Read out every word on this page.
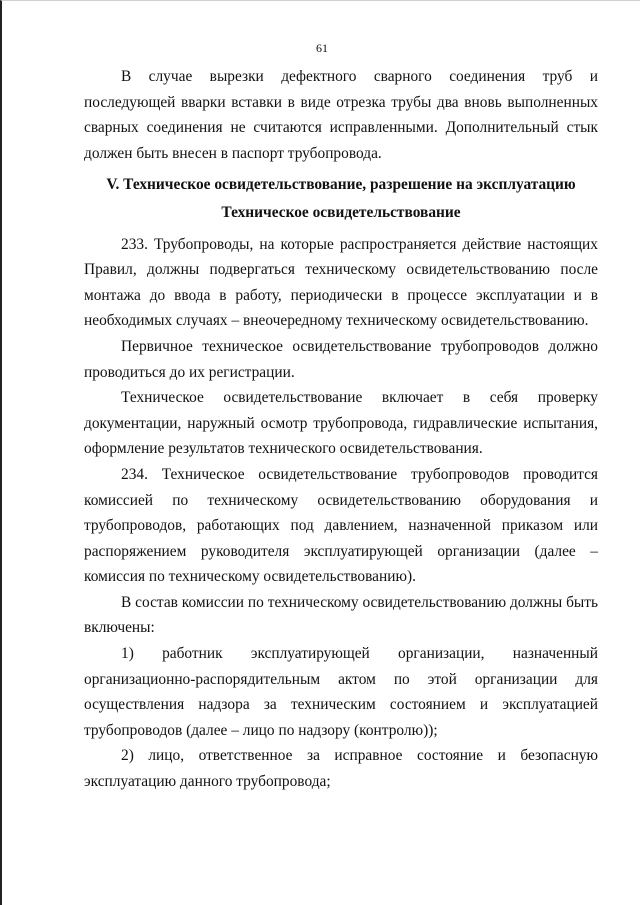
61

В случае вырезки дефектного сварного соединения труб и последующей вварки вставки в виде отрезка трубы два вновь выполненных сварных соединения не считаются исправленными. Дополнительный стык должен быть внесен в паспорт трубопровода.

V. Техническое освидетельствование, разрешение на эксплуатацию
Техническое освидетельствование

233. Трубопроводы, на которые распространяется действие настоящих Правил, должны подвергаться техническому освидетельствованию после монтажа до ввода в работу, периодически в процессе эксплуатации и в необходимых случаях – внеочередному техническому освидетельствованию.

Первичное техническое освидетельствование трубопроводов должно проводиться до их регистрации.

Техническое освидетельствование включает в себя проверку документации, наружный осмотр трубопровода, гидравлические испытания, оформление результатов технического освидетельствования.

234. Техническое освидетельствование трубопроводов проводится комиссией по техническому освидетельствованию оборудования и трубопроводов, работающих под давлением, назначенной приказом или распоряжением руководителя эксплуатирующей организации (далее – комиссия по техническому освидетельствованию).

В состав комиссии по техническому освидетельствованию должны быть включены:

1) работник эксплуатирующей организации, назначенный организационно-распорядительным актом по этой организации для осуществления надзора за техническим состоянием и эксплуатацией трубопроводов (далее – лицо по надзору (контролю));

2) лицо, ответственное за исправное состояние и безопасную эксплуатацию данного трубопровода;
